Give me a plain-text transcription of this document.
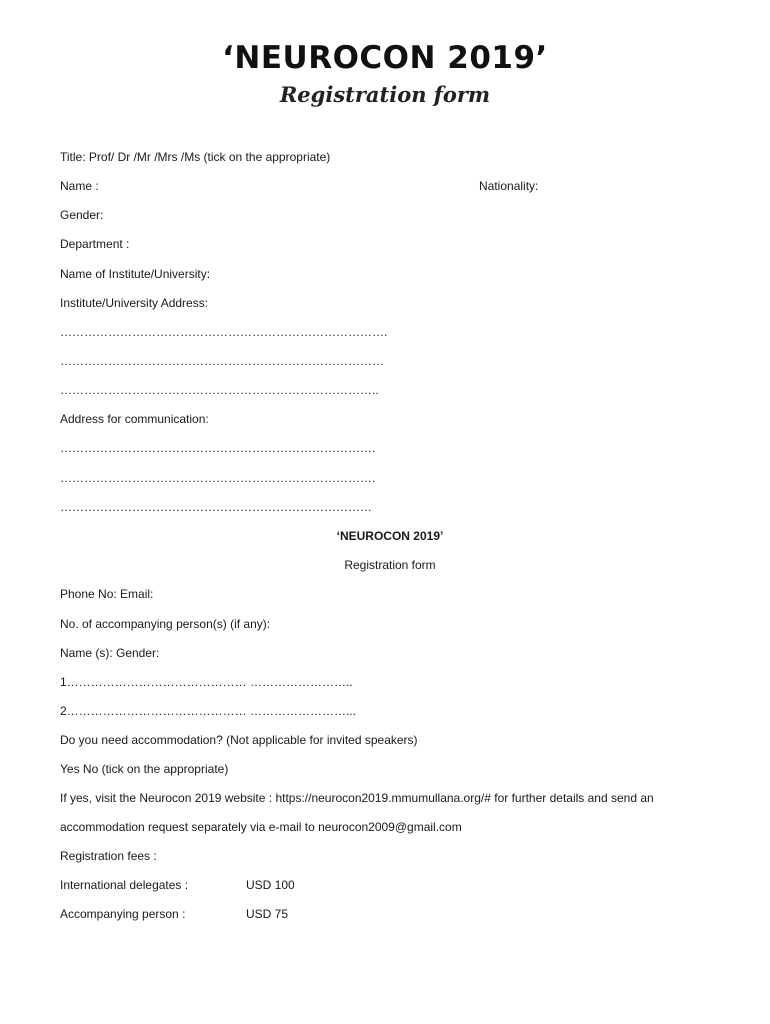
‘NEUROCON 2019’
Registration form
Title: Prof/ Dr /Mr /Mrs /Ms (tick on the appropriate)
Name :	Nationality:
Gender:
Department :
Name of Institute/University:
Institute/University Address:
……………………………………………………………………….
………………………………………………………………………
……………………………………………………………………..
Address for communication:
…………………………………………………………………….
…………………………………………………………………….
……………………………………………………………………
‘NEUROCON 2019’
Registration form
Phone No: Email:
No. of accompanying person(s) (if any):
Name (s): Gender:
1……………………………………… ……………………..
2……………………………………… ……………………...
Do you need accommodation? (Not applicable for invited speakers)
Yes No (tick on the appropriate)
If yes, visit the Neurocon 2019 website : https://neurocon2019.mmumullana.org/# for further details and send an
accommodation request separately via e-mail to neurocon2009@gmail.com
Registration fees :
International delegates :	USD 100
Accompanying person :	USD 75
